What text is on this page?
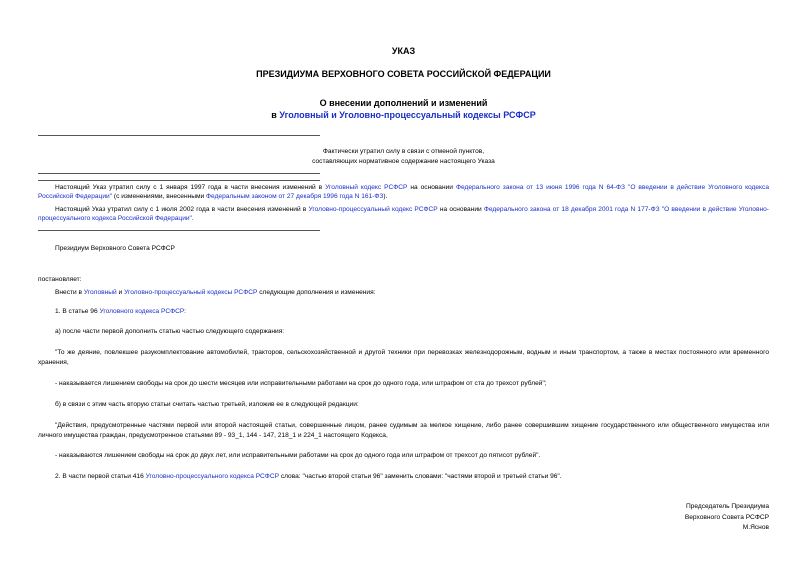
УКАЗ
ПРЕЗИДИУМА ВЕРХОВНОГО СОВЕТА РОССИЙСКОЙ ФЕДЕРАЦИИ
О внесении дополнений и изменений
в Уголовный и Уголовно-процессуальный кодексы РСФСР
Фактически утратил силу в связи с отменой пунктов,
составляющих нормативное содержание настоящего Указа
Настоящий Указ утратил силу с 1 января 1997 года в части внесения изменений в Уголовный кодекс РСФСР на основании Федерального закона от 13 июня 1996 года N 64-ФЗ "О введении в действие Уголовного кодекса Российской Федерации" (с изменениями, внесенными Федеральным законом от 27 декабря 1996 года N 161-ФЗ).
Настоящий Указ утратил силу с 1 июля 2002 года в части внесения изменений в Уголовно-процессуальный кодекс РСФСР на основании Федерального закона от 18 декабря 2001 года N 177-ФЗ "О введении в действие Уголовно-процессуального кодекса Российской Федерации".
Президиум Верховного Совета РСФСР
постановляет:
Внести в Уголовный и Уголовно-процессуальный кодексы РСФСР следующие дополнения и изменения:
1. В статье 96 Уголовного кодекса РСФСР:
а) после части первой дополнить статью частью следующего содержания:
"То же деяние, повлекшее разукомплектование автомобилей, тракторов, сельскохозяйственной и другой техники при перевозках железнодорожным, водным и иным транспортом, а также в местах постоянного или временного хранения,
- наказывается лишением свободы на срок до шести месяцев или исправительными работами на срок до одного года, или штрафом от ста до трехсот рублей";
б) в связи с этим часть вторую статьи считать частью третьей, изложив ее в следующей редакции:
"Действия, предусмотренные частями первой или второй настоящей статьи, совершенные лицом, ранее судимым за мелкое хищение, либо ранее совершившим хищение государственного или общественного имущества или личного имущества граждан, предусмотренное статьями 89 - 93_1, 144 - 147, 218_1 и 224_1 настоящего Кодекса,
- наказываются лишением свободы на срок до двух лет, или исправительными работами на срок до одного года или штрафом от трехсот до пятисот рублей".
2. В части первой статьи 416 Уголовно-процессуального кодекса РСФСР слова: "частью второй статьи 96" заменить словами: "частями второй и третьей статьи 96".
Председатель Президиума
Верховного Совета РСФСР
М.Яснов
